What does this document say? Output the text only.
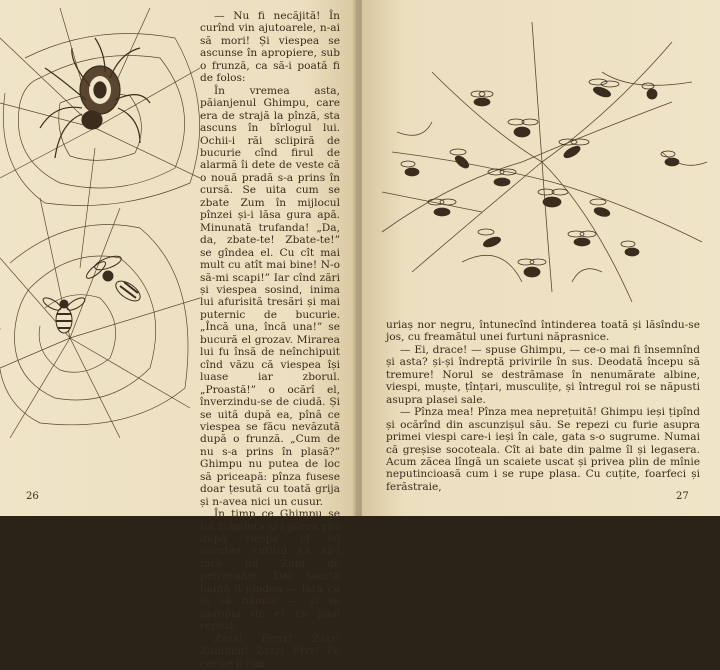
— Nu fi necăjită! În curînd vin ajutoarele, n-ai să mori! Și viespea se ascunse în apropiere, sub o frunză, ca să-i poată fi de folos:

În vremea asta, păianjenul Ghimpu, care era de strajă la pînză, sta ascuns în bîrlogul lui. Ochii-i răi sclipiră de bucurie cînd firul de alarmă îi dete de veste că o nouă pradă s-a prins în cursă. Se uita cum se zbate Zum în mijlocul pînzei și-i lăsa gura apă. Minunată trufanda! „Da, da, zbate-te! Zbate-te!” se gîndea el. Cu cît mai mult cu atît mai bine! N-o să-mi scapi!” Iar cînd zări și viespea sosind, inima lui afurisită tresări și mai puternic de bucurie. „Încă una, încă una!” se bucură el grozav. Mirarea lui fu însă de neînchipuit cînd văzu că viespea își luase iar zborul. „Proastă!” o ocărî el, înverzindu-se de ciudă. Și se uită după ea, pînă ce viespea se făcu nevăzută după o frunză. „Cum de nu s-a prins în plasă?” Ghimpu nu putea de loc să priceapă: pînza fusese doar țesută cu toată grija și n-avea nici un cusur.

În timp ce Ghimpu se tot frămînta și-i părea rău după viespe, el își ascuțea cuțitul ca să-i facă lui Zum de petrecanie. Dar soarta haină îl pîndea — fără ca el să bănuie — și se apropia de el cu pași repezi.

Zzzz! Frrrr! Zzzz! Zummm! Zzzz! Frrr! Pe cer se ivi un

26

uriaș nor negru, întunecînd întinderea toată și lăsîndu-se jos, cu freamătul unei furtuni năprasnice.

— Ei, drace! — spuse Ghimpu, — ce-o mai fi însemnînd și asta? și-și îndreptă privirile în sus. Deodată începu să tremure! Norul se destrămase în nenumărate albine, viespi, muște, țînțari, musculițe, și întregul roi se năpusti asupra plasei sale.

— Pînza mea! Pînza mea neprețuită! Ghimpu ieși țipînd și ocărînd din ascunzișul său. Se repezi cu furie asupra primei viespi care-i ieși în cale, gata s-o sugrume. Numai că greșise socoteala. Cît ai bate din palme îl și legasera. Acum zăcea lîngă un scaiete uscat și privea plin de mînie neputincioasă cum i se rupe plasa. Cu cuțite, foarfeci și ferăstraie,

27
